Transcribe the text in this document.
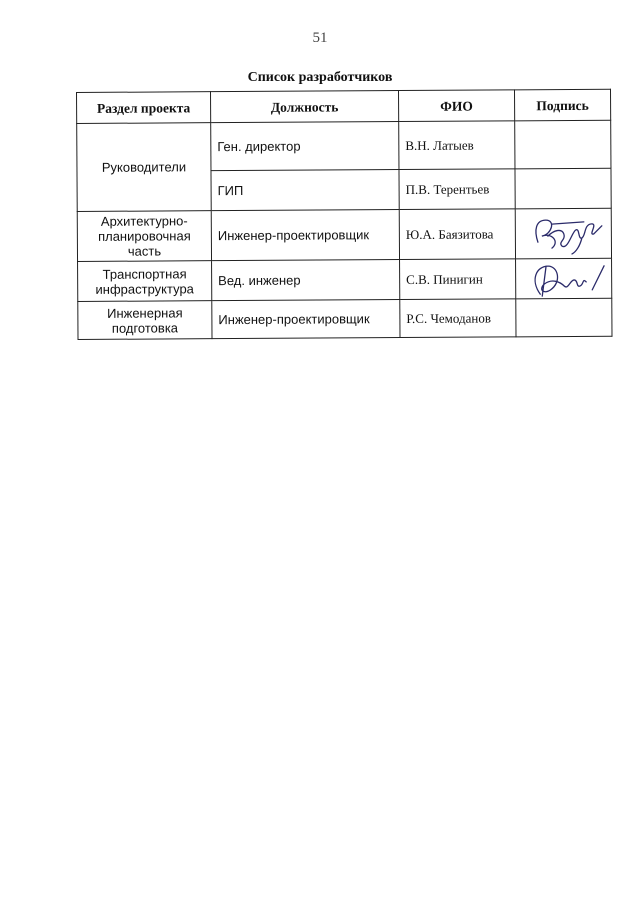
51
Список разработчиков
Раздел проекта	Должность	ФИО	Подпись
Руководители	Ген. директор	В.Н. Латыев	
	ГИП	П.В. Терентьев	
Архитектурно-планировочная часть	Инженер-проектировщик	Ю.А. Баязитова	

Транспортная инфраструктура	Вед. инженер	С.В. Пинигин	

Инженерная подготовка	Инженер-проектировщик	Р.С. Чемоданов	
